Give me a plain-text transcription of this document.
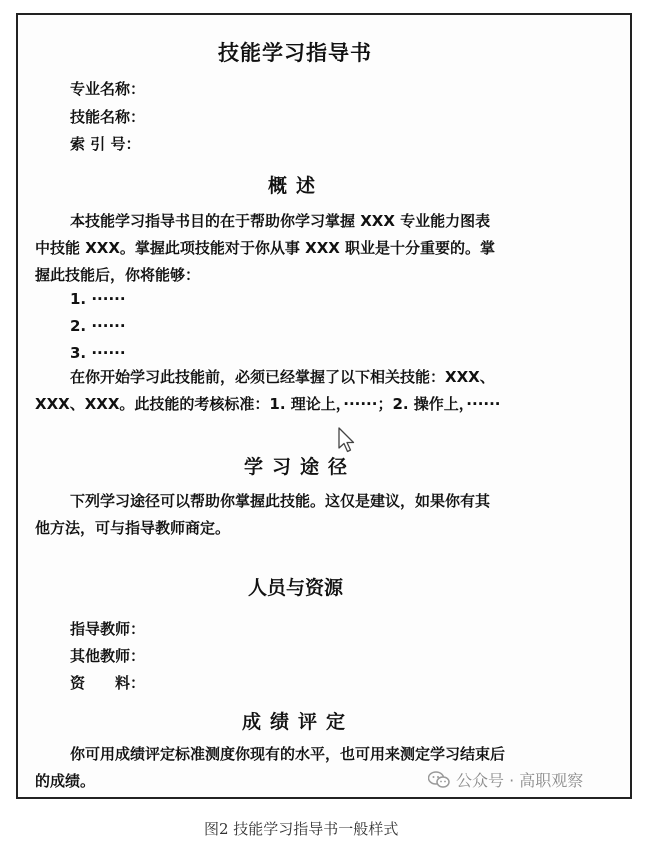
技能学习指导书
专业名称：
技能名称：
索 引 号：
概述
本技能学习指导书目的在于帮助你学习掌握 XXX 专业能力图表
中技能 XXX。掌握此项技能对于你从事 XXX 职业是十分重要的。掌
握此技能后，你将能够：
1. ······
2. ······
3. ······
在你开始学习此技能前，必须已经掌握了以下相关技能：XXX、
XXX、XXX。此技能的考核标准：1. 理论上，······；2. 操作上，······
学习途径
下列学习途径可以帮助你掌握此技能。这仅是建议，如果你有其
他方法，可与指导教师商定。
人员与资源
指导教师：
其他教师：
资　　料：
成绩评定
你可用成绩评定标准测度你现有的水平，也可用来测定学习结束后
的成绩。	公众号 · 高职观察
图2 技能学习指导书一般样式
